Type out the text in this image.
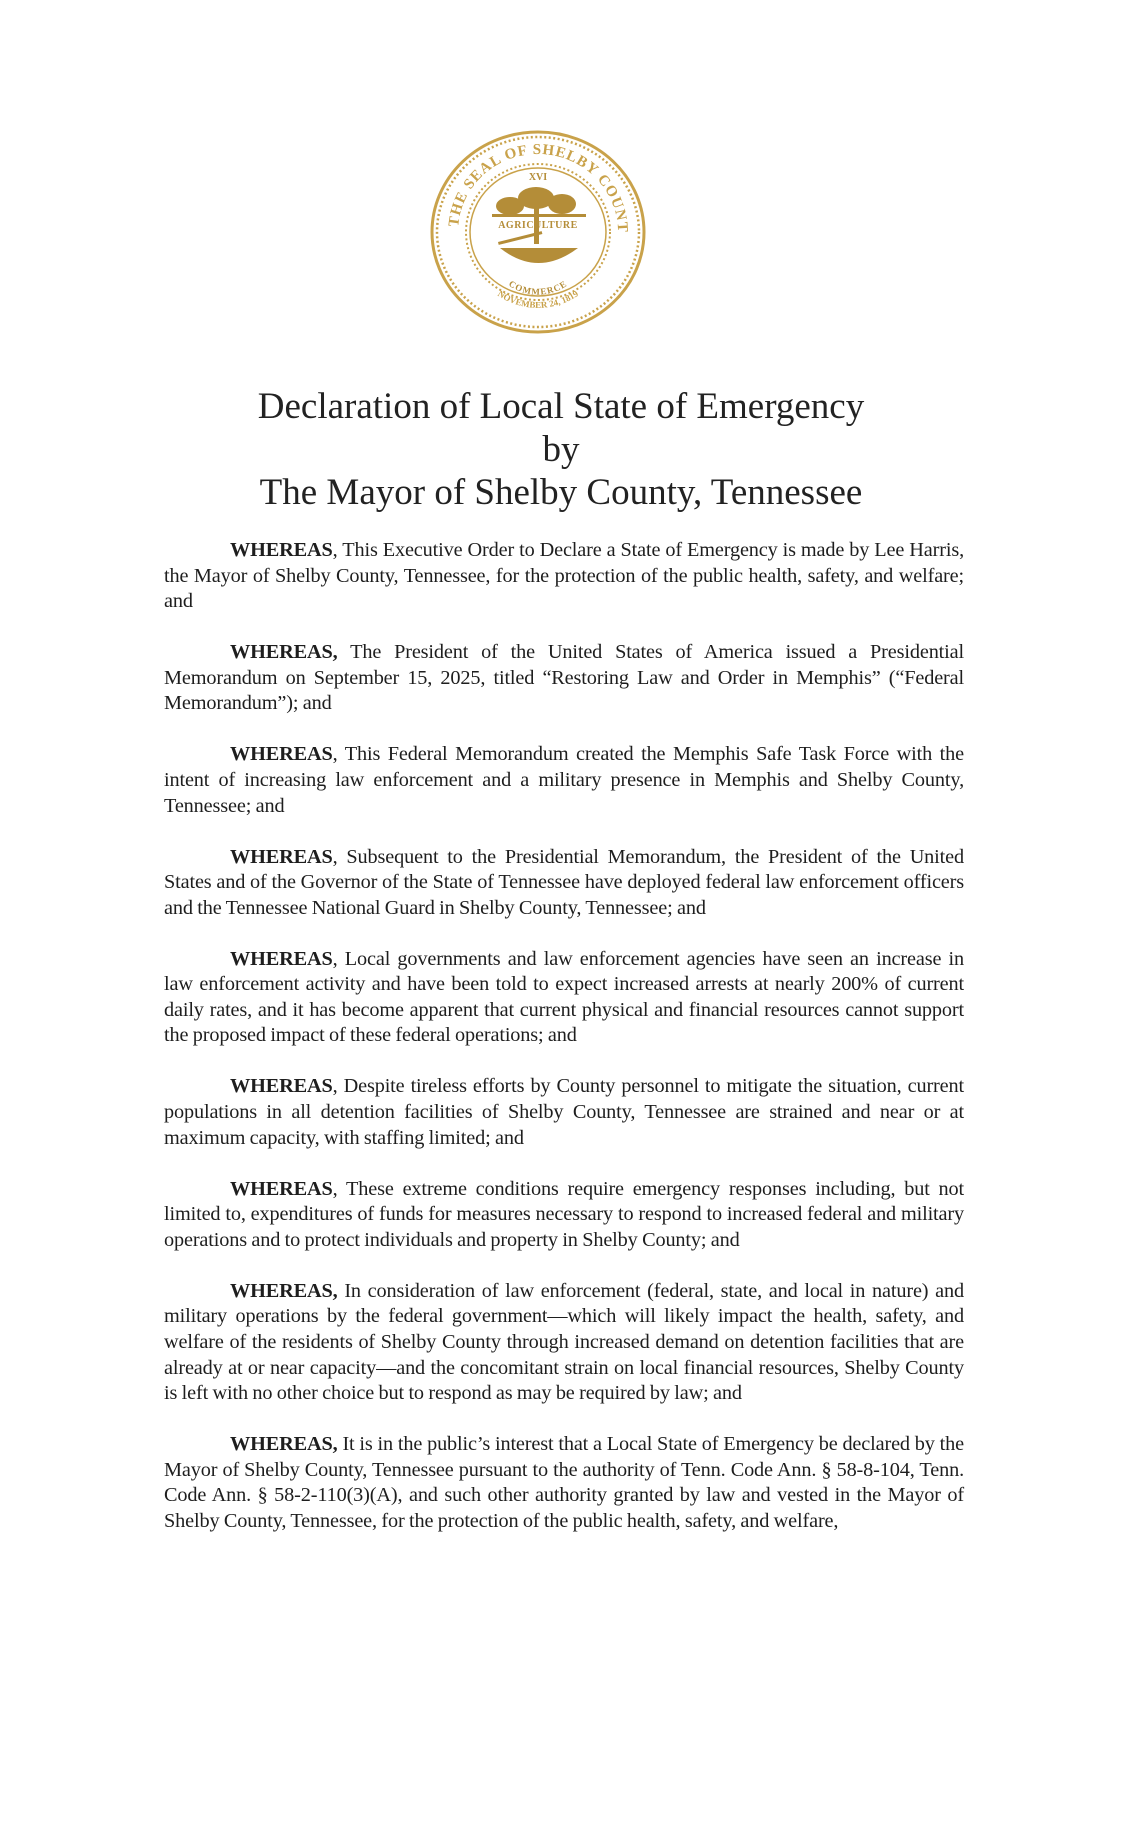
THE SEAL OF SHELBY COUNT
NOVEMBER 24, 1819
XVI
AGRICULTURE
COMMERCE
Declaration of Local State of Emergency
by
The Mayor of Shelby County, Tennessee

WHEREAS, This Executive Order to Declare a State of Emergency is made by Lee Harris, the Mayor of Shelby County, Tennessee, for the protection of the public health, safety, and welfare; and

WHEREAS, The President of the United States of America issued a Presidential Memorandum on September 15, 2025, titled “Restoring Law and Order in Memphis” (“Federal Memorandum”); and

WHEREAS, This Federal Memorandum created the Memphis Safe Task Force with the intent of increasing law enforcement and a military presence in Memphis and Shelby County, Tennessee; and

WHEREAS, Subsequent to the Presidential Memorandum, the President of the United States and of the Governor of the State of Tennessee have deployed federal law enforcement officers and the Tennessee National Guard in Shelby County, Tennessee; and

WHEREAS, Local governments and law enforcement agencies have seen an increase in law enforcement activity and have been told to expect increased arrests at nearly 200% of current daily rates, and it has become apparent that current physical and financial resources cannot support the proposed impact of these federal operations; and

WHEREAS, Despite tireless efforts by County personnel to mitigate the situation, current populations in all detention facilities of Shelby County, Tennessee are strained and near or at maximum capacity, with staffing limited; and

WHEREAS, These extreme conditions require emergency responses including, but not limited to, expenditures of funds for measures necessary to respond to increased federal and military operations and to protect individuals and property in Shelby County; and

WHEREAS, In consideration of law enforcement (federal, state, and local in nature) and military operations by the federal government—which will likely impact the health, safety, and welfare of the residents of Shelby County through increased demand on detention facilities that are already at or near capacity—and the concomitant strain on local financial resources, Shelby County is left with no other choice but to respond as may be required by law; and

WHEREAS, It is in the public’s interest that a Local State of Emergency be declared by the Mayor of Shelby County, Tennessee pursuant to the authority of Tenn. Code Ann. § 58-8-104, Tenn. Code Ann. § 58-2-110(3)(A), and such other authority granted by law and vested in the Mayor of Shelby County, Tennessee, for the protection of the public health, safety, and welfare,
